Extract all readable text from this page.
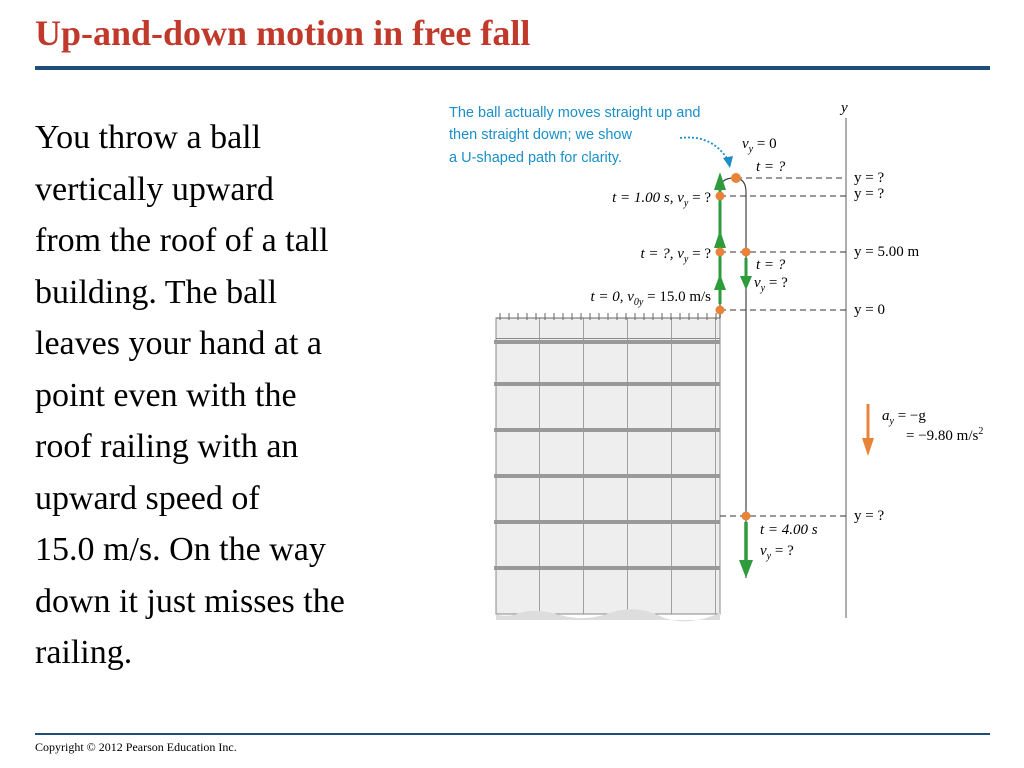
Up-and-down motion in free fall
You throw a ball
vertically upward
from the roof of a tall
building. The ball
leaves your hand at a
point even with the
roof railing with an
upward speed of
15.0 m/s. On the way
down it just misses the
railing.
y
The ball actually moves straight up and
then straight down; we show
a U-shaped path for clarity.
$v_y = 0$
t = ?
t = 1.00 s, $v_y$ = ?
t = ?, $v_y$ = ?
t = 0, $v_{0y} = 15.0$ m/s
t = ?
$v_y$ = ?
t = 4.00 s
$v_y$ = ?
y = ?
y = ?
y = 5.00 m
y = 0
y = ?
$a_y = -g$
= −9.80 $m/s^2$
Copyright © 2012 Pearson Education Inc.
